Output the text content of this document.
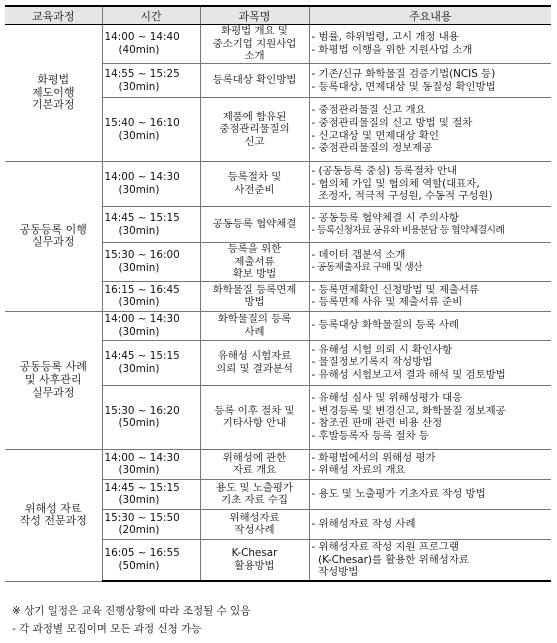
교육과정	시간	과목명	주요내용
화평법
제도이행
기본과정	14:00 ~ 14:40
(40min)	화평법 개요 및
중소기업 지원사업
소개	- 범률, 하위법령, 고시 개정 내용
- 화평법 이행을 위한 지원사업 소개

	14:55 ~ 15:25
(30min)	등록대상 확인방법	- 기존/신규 화학물질 검증기법(NCIS 등)
- 등록대상, 면제대상 및 동질성 확인방법

	15:40 ~ 16:10
(30min)	제품에 함유된
중점관리물질의
신고	- 중점관리물질 신고 개요
- 중점관리물질의 신고 방법 및 절차
- 신고대상 및 면제대상 확인
- 중점관리물질의 정보제공

공동등록 이행
실무과정	14:00 ~ 14:30
(30min)	등록절차 및
사전준비	- (공동등록 중심) 등록절차 안내
- 협의체 가입 및 협의체 역할(대표자,
조정자, 적극적 구성원, 수동적 구성원)

	14:45 ~ 15:15
(30min)	공동등록 협약체결	- 공동등록 협약체결 시 주의사항
- 등록신청자료 공유와 비용분담 등 협약체결시례

	15:30 ~ 16:00
(30min)	등록을 위한
제출서류
확보 방법	- 데이터 갭분석 소개
- 공동제출자료 구매 및 생산

	16:15 ~ 16:45
(30min)	화학물질 등록면제
방법	- 등록면제확인 신청방법 및 제출서류
- 등록면제 사유 및 제출서류 준비

공동등록 사례
및 사후관리
실무과정	14:00 ~ 14:30
(30min)	화학물질의 등록
사례	- 등록대상 화학물질의 등록 사례

	14:45 ~ 15:15
(30min)	유해성 시험자료
의뢰 및 결과분석	- 유해성 시험 의뢰 시 확인사항
- 물질정보기록지 작성방법
- 유해성 시험보고서 결과 해석 및 검토방법

	15:30 ~ 16:20
(50min)	등록 이후 절차 및
기타사항 안내	- 유해성 심사 및 위해성평가 대응
- 변경등록 및 변경신고, 화학물질 정보제공
- 참조권 판매 관련 비용 산정
- 후발등록자 등록 절차 등

위해성 자료
작성 전문과정	14:00 ~ 14:30
(30min)	위해성에 관한
자료 개요	- 화평법에서의 위해성 평가
- 위해성 자료의 개요

	14:45 ~ 15:15
(30min)	용도 및 노출평가
기초 자료 수집	- 용도 및 노출평가 기초자료 작성 방법

	15:30 ~ 15:50
(20min)	위해성자료
작성사례	- 위해성자료 작성 사례

	16:05 ~ 16:55
(50min)	K-Chesar
활용방법	- 위해성자료 작성 지원 프로그램
(K-Chesar)를 활용한 위해성자료
작성방법
※ 상기 일정은 교육 진행상황에 따라 조정될 수 있음
- 각 과정별 모집이며 모든 과정 신청 가능
